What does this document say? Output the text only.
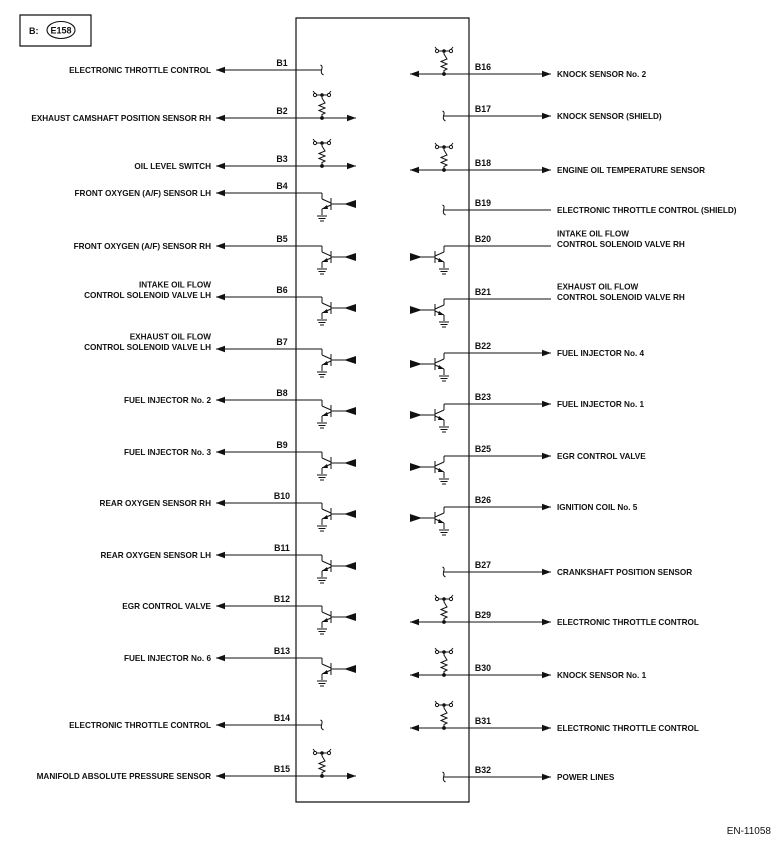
B: E158
B1
ELECTRONIC THROTTLE CONTROL
B2
EXHAUST CAMSHAFT POSITION SENSOR RH
B3
OIL LEVEL SWITCH
B4
FRONT OXYGEN (A/F) SENSOR LH
B5
FRONT OXYGEN (A/F) SENSOR RH
B6
INTAKE OIL FLOW
CONTROL SOLENOID VALVE LH
B7
EXHAUST OIL FLOW
CONTROL SOLENOID VALVE LH
B8
FUEL INJECTOR No. 2
B9
FUEL INJECTOR No. 3
B10
REAR OXYGEN SENSOR RH
B11
REAR OXYGEN SENSOR LH
B12
EGR CONTROL VALVE
B13
FUEL INJECTOR No. 6
B14
ELECTRONIC THROTTLE CONTROL
B15
MANIFOLD ABSOLUTE PRESSURE SENSOR
B16
KNOCK SENSOR No. 2
B17
KNOCK SENSOR (SHIELD)
B18
ENGINE OIL TEMPERATURE SENSOR
B19
ELECTRONIC THROTTLE CONTROL (SHIELD)
B20	INTAKE OIL FLOW
CONTROL SOLENOID VALVE RH
B21	EXHAUST OIL FLOW
CONTROL SOLENOID VALVE RH
B22
FUEL INJECTOR No. 4
B23
FUEL INJECTOR No. 1
B25
EGR CONTROL VALVE
B26
IGNITION COIL No. 5
B27
CRANKSHAFT POSITION SENSOR
B29
ELECTRONIC THROTTLE CONTROL
B30
KNOCK SENSOR No. 1
B31
ELECTRONIC THROTTLE CONTROL
B32
POWER LINES
EN-11058
